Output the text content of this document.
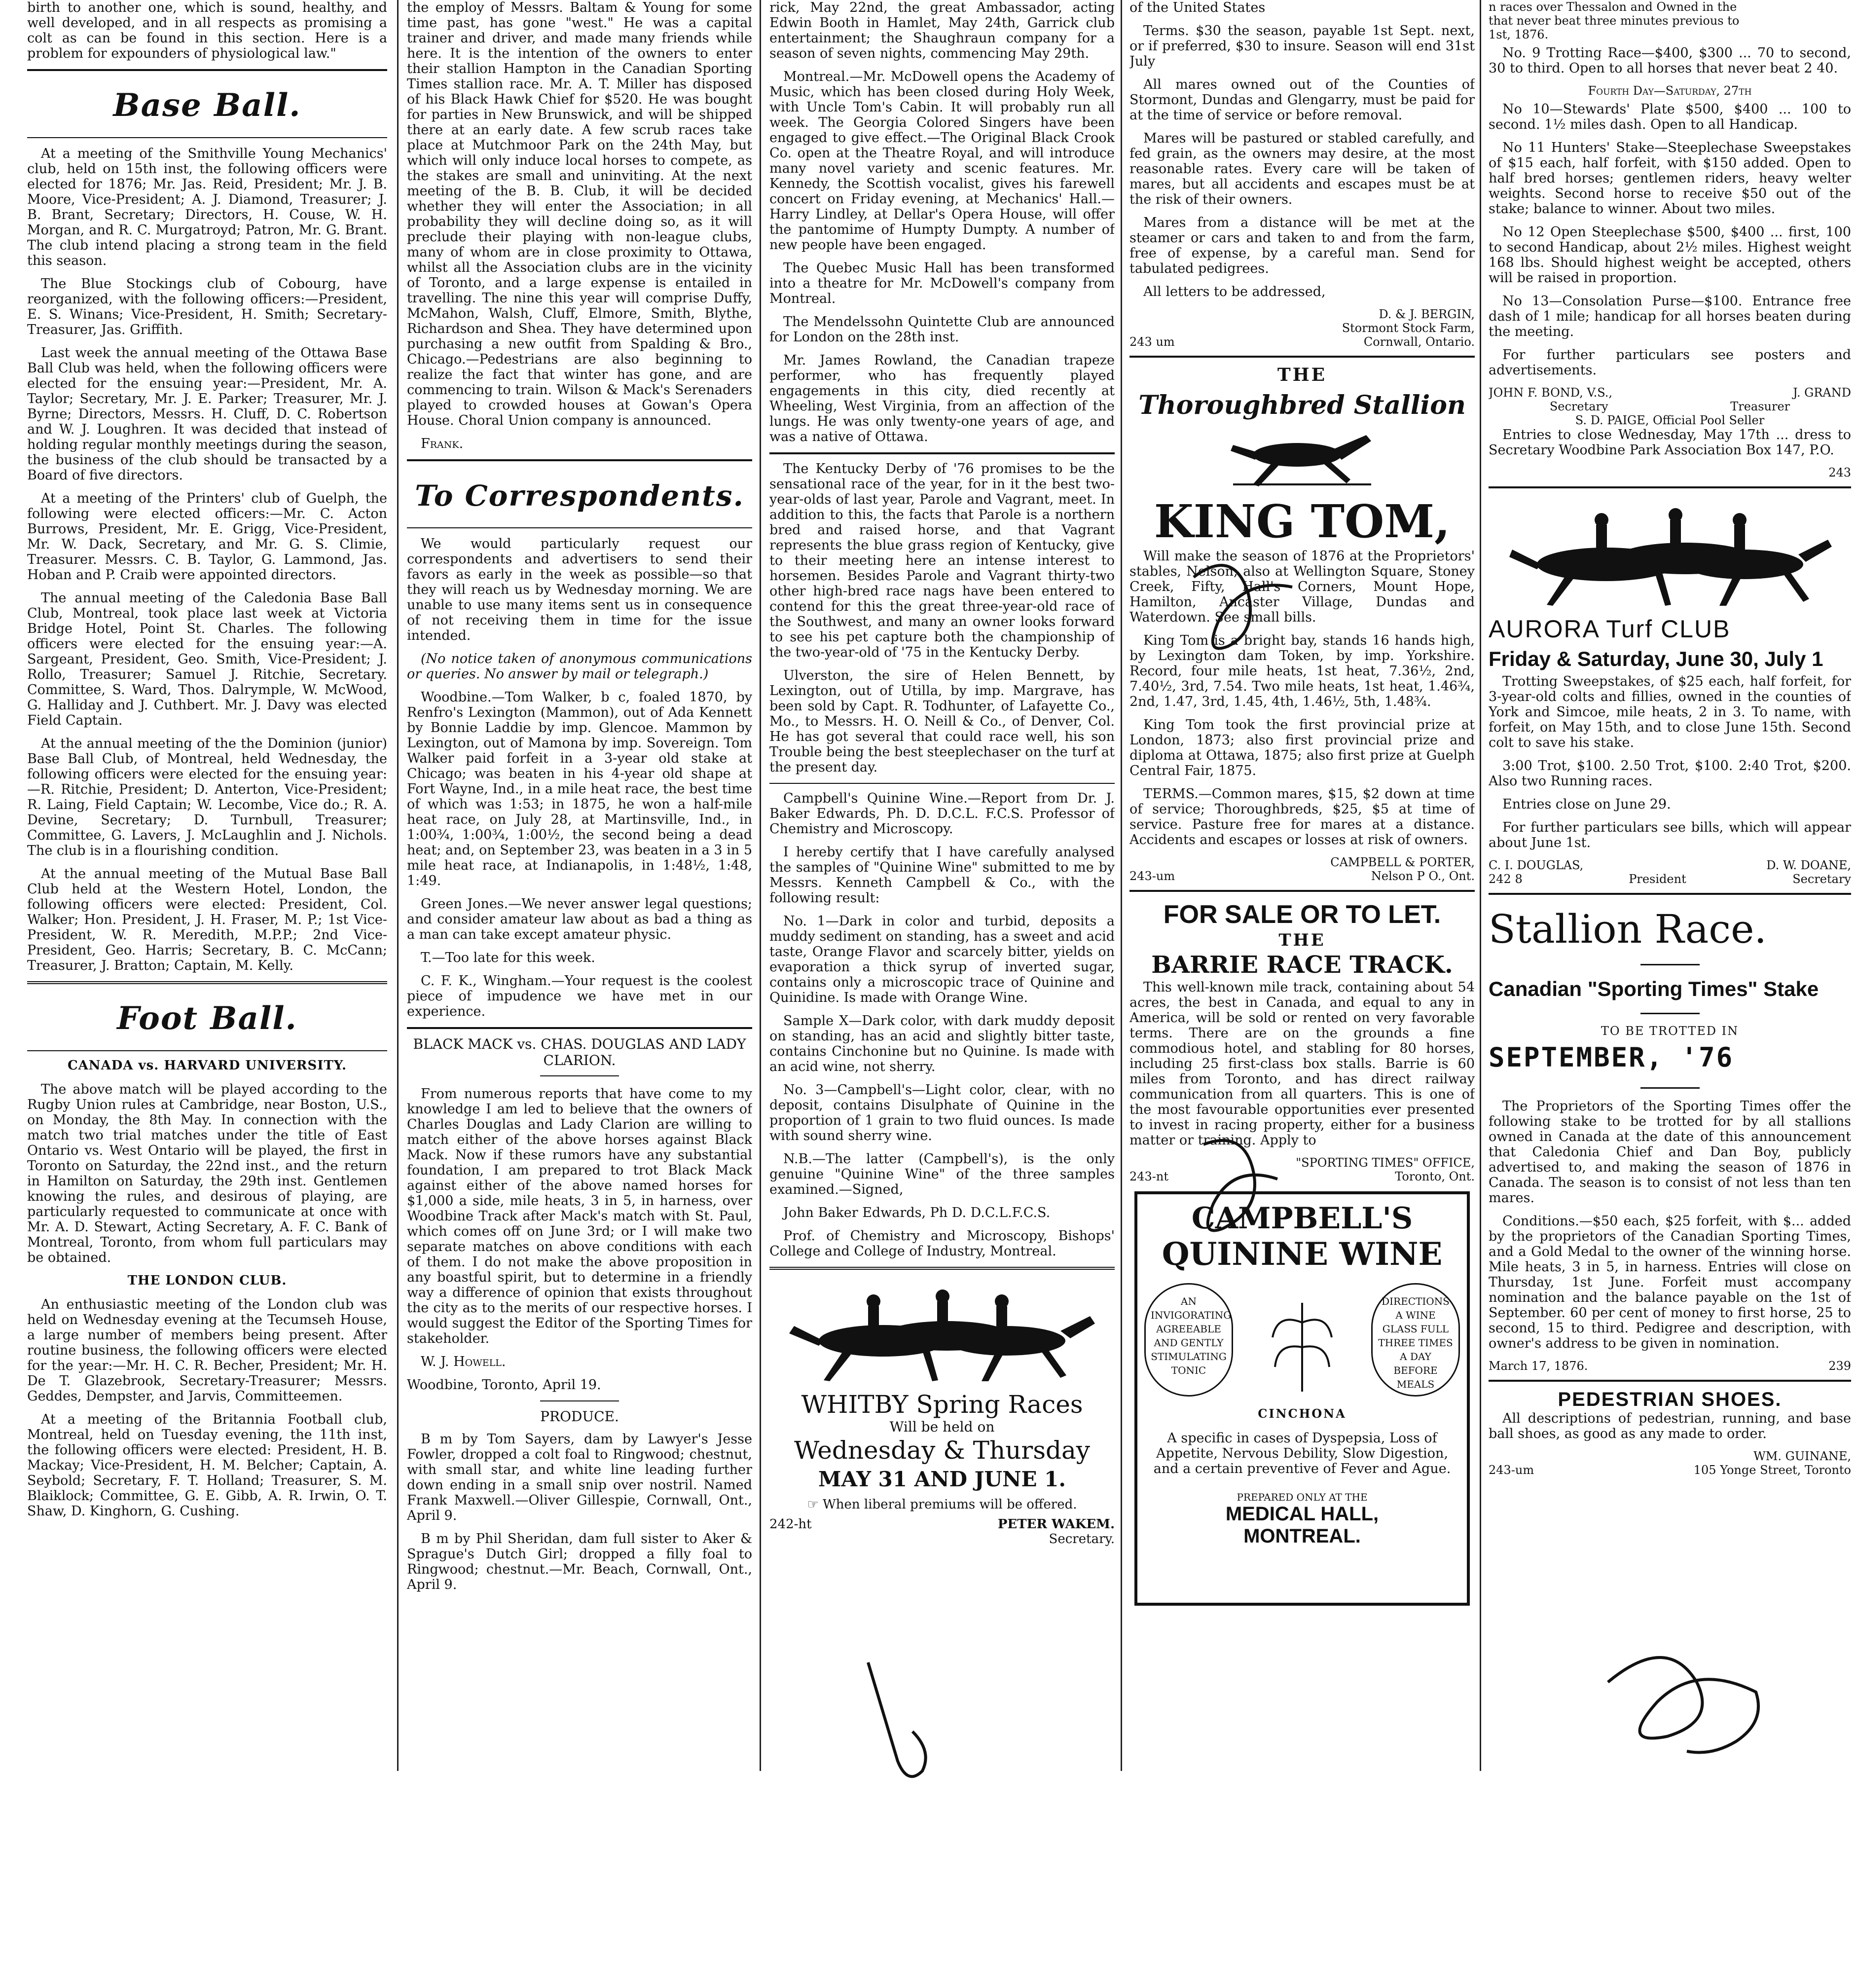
birth to another one, which is sound, healthy, and well developed, and in all respects as promising a colt as can be found in this section. Here is a problem for expounders of physiological law."

Base Ball.

At a meeting of the Smithville Young Mechanics' club, held on 15th inst, the following officers were elected for 1876; Mr. Jas. Reid, President; Mr. J. B. Moore, Vice-President; A. J. Diamond, Treasurer; J. B. Brant, Secretary; Directors, H. Couse, W. H. Morgan, and R. C. Murgatroyd; Patron, Mr. G. Brant. The club intend placing a strong team in the field this season.

The Blue Stockings club of Cobourg, have reorganized, with the following officers:—President, E. S. Winans; Vice-President, H. Smith; Secretary-Treasurer, Jas. Griffith.

Last week the annual meeting of the Ottawa Base Ball Club was held, when the following officers were elected for the ensuing year:—President, Mr. A. Taylor; Secretary, Mr. J. E. Parker; Treasurer, Mr. J. Byrne; Directors, Messrs. H. Cluff, D. C. Robertson and W. J. Loughren. It was decided that instead of holding regular monthly meetings during the season, the business of the club should be transacted by a Board of five directors.

At a meeting of the Printers' club of Guelph, the following were elected officers:—Mr. C. Acton Burrows, President, Mr. E. Grigg, Vice-President, Mr. W. Dack, Secretary, and Mr. G. S. Climie, Treasurer. Messrs. C. B. Taylor, G. Lammond, Jas. Hoban and P. Craib were appointed directors.

The annual meeting of the Caledonia Base Ball Club, Montreal, took place last week at Victoria Bridge Hotel, Point St. Charles. The following officers were elected for the ensuing year:—A. Sargeant, President, Geo. Smith, Vice-President; J. Rollo, Treasurer; Samuel J. Ritchie, Secretary. Committee, S. Ward, Thos. Dalrymple, W. McWood, G. Halliday and J. Cuthbert. Mr. J. Davy was elected Field Captain.

At the annual meeting of the the Dominion (junior) Base Ball Club, of Montreal, held Wednesday, the following officers were elected for the ensuing year:—R. Ritchie, President; D. Anterton, Vice-President; R. Laing, Field Captain; W. Lecombe, Vice do.; R. A. Devine, Secretary; D. Turnbull, Treasurer; Committee, G. Lavers, J. McLaughlin and J. Nichols. The club is in a flourishing condition.

At the annual meeting of the Mutual Base Ball Club held at the Western Hotel, London, the following officers were elected: President, Col. Walker; Hon. President, J. H. Fraser, M. P.; 1st Vice-President, W. R. Meredith, M.P.P.; 2nd Vice-President, Geo. Harris; Secretary, B. C. McCann; Treasurer, J. Bratton; Captain, M. Kelly.

Foot Ball.
CANADA vs. HARVARD UNIVERSITY.

The above match will be played according to the Rugby Union rules at Cambridge, near Boston, U.S., on Monday, the 8th May. In connection with the match two trial matches under the title of East Ontario vs. West Ontario will be played, the first in Toronto on Saturday, the 22nd inst., and the return in Hamilton on Saturday, the 29th inst. Gentlemen knowing the rules, and desirous of playing, are particularly requested to communicate at once with Mr. A. D. Stewart, Acting Secretary, A. F. C. Bank of Montreal, Toronto, from whom full particulars may be obtained.

THE LONDON CLUB.

An enthusiastic meeting of the London club was held on Wednesday evening at the Tecumseh House, a large number of members being present. After routine business, the following officers were elected for the year:—Mr. H. C. R. Becher, President; Mr. H. De T. Glazebrook, Secretary-Treasurer; Messrs. Geddes, Dempster, and Jarvis, Committeemen.

At a meeting of the Britannia Football club, Montreal, held on Tuesday evening, the 11th inst, the following officers were elected: President, H. B. Mackay; Vice-President, H. M. Belcher; Captain, A. Seybold; Secretary, F. T. Holland; Treasurer, S. M. Blaiklock; Committee, G. E. Gibb, A. R. Irwin, O. T. Shaw, D. Kinghorn, G. Cushing.

the employ of Messrs. Baltam & Young for some time past, has gone "west." He was a capital trainer and driver, and made many friends while here. It is the intention of the owners to enter their stallion Hampton in the Canadian Sporting Times stallion race. Mr. A. T. Miller has disposed of his Black Hawk Chief for $520. He was bought for parties in New Brunswick, and will be shipped there at an early date. A few scrub races take place at Mutchmoor Park on the 24th May, but which will only induce local horses to compete, as the stakes are small and uninviting. At the next meeting of the B. B. Club, it will be decided whether they will enter the Association; in all probability they will decline doing so, as it will preclude their playing with non-league clubs, many of whom are in close proximity to Ottawa, whilst all the Association clubs are in the vicinity of Toronto, and a large expense is entailed in travelling. The nine this year will comprise Duffy, McMahon, Walsh, Cluff, Elmore, Smith, Blythe, Richardson and Shea. They have determined upon purchasing a new outfit from Spalding & Bro., Chicago.—Pedestrians are also beginning to realize the fact that winter has gone, and are commencing to train. Wilson & Mack's Serenaders played to crowded houses at Gowan's Opera House. Choral Union company is announced.

Frank.

To Correspondents.

We would particularly request our correspondents and advertisers to send their favors as early in the week as possible—so that they will reach us by Wednesday morning. We are unable to use many items sent us in consequence of not receiving them in time for the issue intended.

(No notice taken of anonymous communications or queries. No answer by mail or telegraph.)

Woodbine.—Tom Walker, b c, foaled 1870, by Renfro's Lexington (Mammon), out of Ada Kennett by Bonnie Laddie by imp. Glencoe. Mammon by Lexington, out of Mamona by imp. Sovereign. Tom Walker paid forfeit in a 3-year old stake at Chicago; was beaten in his 4-year old shape at Fort Wayne, Ind., in a mile heat race, the best time of which was 1:53; in 1875, he won a half-mile heat race, on July 28, at Martinsville, Ind., in 1:00¾, 1:00¾, 1:00½, the second being a dead heat; and, on September 23, was beaten in a 3 in 5 mile heat race, at Indianapolis, in 1:48½, 1:48, 1:49.

Green Jones.—We never answer legal questions; and consider amateur law about as bad a thing as a man can take except amateur physic.

T.—Too late for this week.

C. F. K., Wingham.—Your request is the coolest piece of impudence we have met in our experience.

BLACK MACK vs. CHAS. DOUGLAS AND LADY CLARION.

From numerous reports that have come to my knowledge I am led to believe that the owners of Charles Douglas and Lady Clarion are willing to match either of the above horses against Black Mack. Now if these rumors have any substantial foundation, I am prepared to trot Black Mack against either of the above named horses for $1,000 a side, mile heats, 3 in 5, in harness, over Woodbine Track after Mack's match with St. Paul, which comes off on June 3rd; or I will make two separate matches on above conditions with each of them. I do not make the above proposition in any boastful spirit, but to determine in a friendly way a difference of opinion that exists throughout the city as to the merits of our respective horses. I would suggest the Editor of the Sporting Times for stakeholder.

W. J. Howell.

Woodbine, Toronto, April 19.

PRODUCE.

B m by Tom Sayers, dam by Lawyer's Jesse Fowler, dropped a colt foal to Ringwood; chestnut, with small star, and white line leading further down ending in a small snip over nostril. Named Frank Maxwell.—Oliver Gillespie, Cornwall, Ont., April 9.

B m by Phil Sheridan, dam full sister to Aker & Sprague's Dutch Girl; dropped a filly foal to Ringwood; chestnut.—Mr. Beach, Cornwall, Ont., April 9.

rick, May 22nd, the great Ambassador, acting Edwin Booth in Hamlet, May 24th, Garrick club entertainment; the Shaughraun company for a season of seven nights, commencing May 29th.

Montreal.—Mr. McDowell opens the Academy of Music, which has been closed during Holy Week, with Uncle Tom's Cabin. It will probably run all week. The Georgia Colored Singers have been engaged to give effect.—The Original Black Crook Co. open at the Theatre Royal, and will introduce many novel variety and scenic features. Mr. Kennedy, the Scottish vocalist, gives his farewell concert on Friday evening, at Mechanics' Hall.—Harry Lindley, at Dellar's Opera House, will offer the pantomime of Humpty Dumpty. A number of new people have been engaged.

The Quebec Music Hall has been transformed into a theatre for Mr. McDowell's company from Montreal.

The Mendelssohn Quintette Club are announced for London on the 28th inst.

Mr. James Rowland, the Canadian trapeze performer, who has frequently played engagements in this city, died recently at Wheeling, West Virginia, from an affection of the lungs. He was only twenty-one years of age, and was a native of Ottawa.

The Kentucky Derby of '76 promises to be the sensational race of the year, for in it the best two-year-olds of last year, Parole and Vagrant, meet. In addition to this, the facts that Parole is a northern bred and raised horse, and that Vagrant represents the blue grass region of Kentucky, give to their meeting here an intense interest to horsemen. Besides Parole and Vagrant thirty-two other high-bred race nags have been entered to contend for this the great three-year-old race of the Southwest, and many an owner looks forward to see his pet capture both the championship of the two-year-old of '75 in the Kentucky Derby.

Ulverston, the sire of Helen Bennett, by Lexington, out of Utilla, by imp. Margrave, has been sold by Capt. R. Todhunter, of Lafayette Co., Mo., to Messrs. H. O. Neill & Co., of Denver, Col. He has got several that could race well, his son Trouble being the best steeplechaser on the turf at the present day.

Campbell's Quinine Wine.—Report from Dr. J. Baker Edwards, Ph. D. D.C.L. F.C.S. Professor of Chemistry and Microscopy.

I hereby certify that I have carefully analysed the samples of "Quinine Wine" submitted to me by Messrs. Kenneth Campbell & Co., with the following result:

No. 1—Dark in color and turbid, deposits a muddy sediment on standing, has a sweet and acid taste, Orange Flavor and scarcely bitter, yields on evaporation a thick syrup of inverted sugar, contains only a microscopic trace of Quinine and Quinidine. Is made with Orange Wine.

Sample X—Dark color, with dark muddy deposit on standing, has an acid and slightly bitter taste, contains Cinchonine but no Quinine. Is made with an acid wine, not sherry.

No. 3—Campbell's—Light color, clear, with no deposit, contains Disulphate of Quinine in the proportion of 1 grain to two fluid ounces. Is made with sound sherry wine.

N.B.—The latter (Campbell's), is the only genuine "Quinine Wine" of the three samples examined.—Signed,

John Baker Edwards, Ph D. D.C.L.F.C.S.

Prof. of Chemistry and Microscopy, Bishops' College and College of Industry, Montreal.

WHITBY Spring Races
Will be held on
Wednesday & Thursday
MAY 31 AND JUNE 1.
☞ When liberal premiums will be offered.
242-ht	PETER WAKEM.
Secretary.

of the United States

Terms. $30 the season, payable 1st Sept. next, or if preferred, $30 to insure. Season will end 31st July

All mares owned out of the Counties of Stormont, Dundas and Glengarry, must be paid for at the time of service or before removal.

Mares will be pastured or stabled carefully, and fed grain, as the owners may desire, at the most reasonable rates. Every care will be taken of mares, but all accidents and escapes must be at the risk of their owners.

Mares from a distance will be met at the steamer or cars and taken to and from the farm, free of expense, by a careful man. Send for tabulated pedigrees.

All letters to be addressed,

D. & J. BERGIN,
Stormont Stock Farm,
243 um	Cornwall, Ontario.
THE
Thoroughbred Stallion
KING TOM,

Will make the season of 1876 at the Proprietors' stables, Nelson; also at Wellington Square, Stoney Creek, Fifty, Hall's Corners, Mount Hope, Hamilton, Ancaster Village, Dundas and Waterdown. See small bills.

King Tom is a bright bay, stands 16 hands high, by Lexington dam Token, by imp. Yorkshire. Record, four mile heats, 1st heat, 7.36½, 2nd, 7.40½, 3rd, 7.54. Two mile heats, 1st heat, 1.46¾, 2nd, 1.47, 3rd, 1.45, 4th, 1.46½, 5th, 1.48¾.

King Tom took the first provincial prize at London, 1873; also first provincial prize and diploma at Ottawa, 1875; also first prize at Guelph Central Fair, 1875.

TERMS.—Common mares, $15, $2 down at time of service; Thoroughbreds, $25, $5 at time of service. Pasture free for mares at a distance. Accidents and escapes or losses at risk of owners.

CAMPBELL & PORTER,
243-um	Nelson P O., Ont.
FOR SALE OR TO LET.
THE
BARRIE RACE TRACK.

This well-known mile track, containing about 54 acres, the best in Canada, and equal to any in America, will be sold or rented on very favorable terms. There are on the grounds a fine commodious hotel, and stabling for 80 horses, including 25 first-class box stalls. Barrie is 60 miles from Toronto, and has direct railway communication from all quarters. This is one of the most favourable opportunities ever presented to invest in racing property, either for a business matter or training. Apply to

"SPORTING TIMES" OFFICE,
243-nt	Toronto, Ont.
CAMPBELL'S
QUININE WINE
AN INVIGORATING AGREEABLE AND GENTLY STIMULATING TONIC
DIRECTIONS A WINE GLASS FULL THREE TIMES A DAY BEFORE MEALS
CINCHONA

A specific in cases of Dyspepsia, Loss of Appetite, Nervous Debility, Slow Digestion, and a certain preventive of Fever and Ague.

PREPARED ONLY AT THE
MEDICAL HALL,
MONTREAL.
n races over Thessalon and Owned in the
that never beat three minutes previous to
1st, 1876.

No. 9 Trotting Race—$400, $300 ... 70 to second, 30 to third. Open to all horses that never beat 2 40.

Fourth Day—Saturday, 27th

No 10—Stewards' Plate $500, $400 ... 100 to second. 1½ miles dash. Open to all Handicap.

No 11 Hunters' Stake—Steeplechase Sweepstakes of $15 each, half forfeit, with $150 added. Open to half bred horses; gentlemen riders, heavy welter weights. Second horse to receive $50 out of the stake; balance to winner. About two miles.

No 12 Open Steeplechase $500, $400 ... first, 100 to second Handicap, about 2½ miles. Highest weight 168 lbs. Should highest weight be accepted, others will be raised in proportion.

No 13—Consolation Purse—$100. Entrance free dash of 1 mile; handicap for all horses beaten during the meeting.

For further particulars see posters and advertisements.

JOHN F. BOND, V.S.,	J. GRAND
Secretary	Treasurer
S. D. PAIGE, Official Pool Seller

Entries to close Wednesday, May 17th ... dress to Secretary Woodbine Park Association Box 147, P.O.

243
AURORA Turf CLUB
Friday & Saturday, June 30, July 1

Trotting Sweepstakes, of $25 each, half forfeit, for 3-year-old colts and fillies, owned in the counties of York and Simcoe, mile heats, 2 in 3. To name, with forfeit, on May 15th, and to close June 15th. Second colt to save his stake.

3:00 Trot, $100. 2.50 Trot, $100. 2:40 Trot, $200. Also two Running races.

Entries close on June 29.

For further particulars see bills, which will appear about June 1st.

C. I. DOUGLAS,	D. W. DOANE,
242 8	President	Secretary
Stallion Race.
Canadian "Sporting Times" Stake
TO BE TROTTED IN
SEPTEMBER, '76

The Proprietors of the Sporting Times offer the following stake to be trotted for by all stallions owned in Canada at the date of this announcement that Caledonia Chief and Dan Boy, publicly advertised to, and making the season of 1876 in Canada. The season is to consist of not less than ten mares.

Conditions.—$50 each, $25 forfeit, with $... added by the proprietors of the Canadian Sporting Times, and a Gold Medal to the owner of the winning horse. Mile heats, 3 in 5, in harness. Entries will close on Thursday, 1st June. Forfeit must accompany nomination and the balance payable on the 1st of September. 60 per cent of money to first horse, 25 to second, 15 to third. Pedigree and description, with owner's address to be given in nomination.

March 17, 1876.	239
PEDESTRIAN SHOES.

All descriptions of pedestrian, running, and base ball shoes, as good as any made to order.

WM. GUINANE,
243-um	105 Yonge Street, Toronto
